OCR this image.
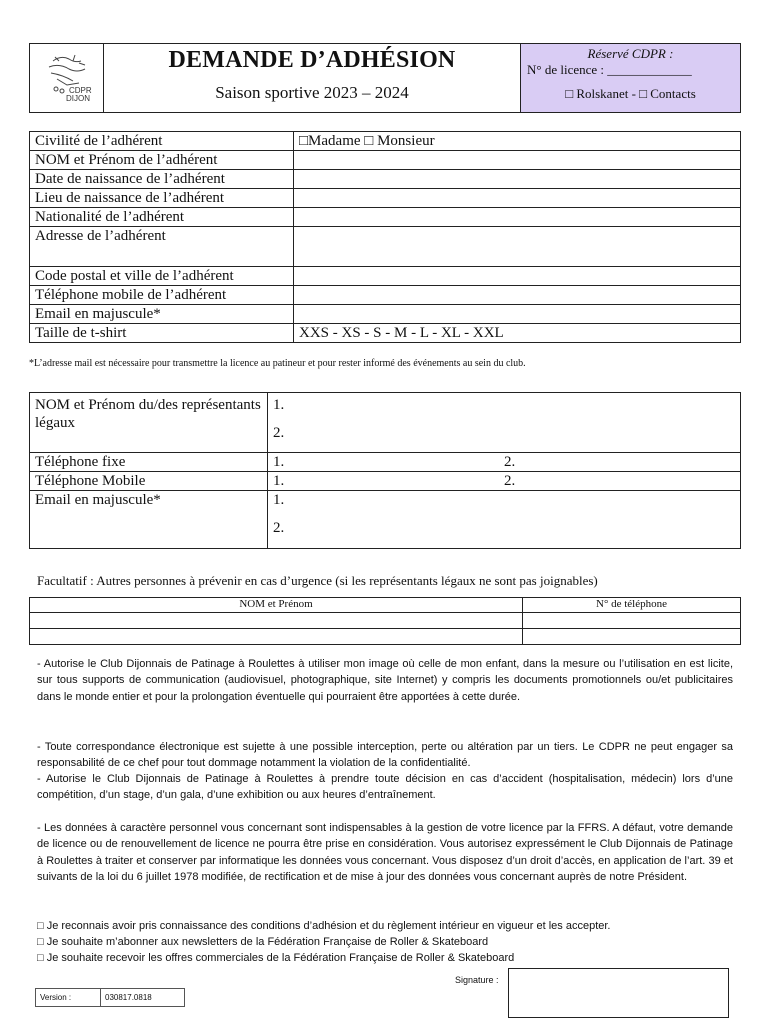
CDPR
DIJON
DEMANDE D’ADHÉSION
Saison sportive 2023 – 2024
Réservé CDPR :
N° de licence : _____________
□ Rolskanet - □ Contacts
Civilité de l’adhérent	□Madame □ Monsieur
NOM et Prénom de l’adhérent	
Date de naissance de l’adhérent	
Lieu de naissance de l’adhérent	
Nationalité de l’adhérent	
Adresse de l’adhérent	
Code postal et ville de l’adhérent	
Téléphone mobile de l’adhérent	
Email en majuscule*	
Taille de t-shirt	XXS - XS - S - M - L - XL - XXL
*L’adresse mail est nécessaire pour transmettre la licence au patineur et pour rester informé des événements au sein du club.
NOM et Prénom du/des représentants légaux	1.
2.

Téléphone fixe	1. 2.

Téléphone Mobile	1. 2.

Email en majuscule*	1.
2.
Facultatif : Autres personnes à prévenir en cas d’urgence (si les représentants légaux ne sont pas joignables)
NOM et Prénom	N° de téléphone

- Autorise le Club Dijonnais de Patinage à Roulettes à utiliser mon image où celle de mon enfant, dans la mesure ou l’utilisation en est licite, sur tous supports de communication (audiovisuel, photographique, site Internet) y compris les documents promotionnels ou/et publicitaires dans le monde entier et pour la prolongation éventuelle qui pourraient être apportées à cette durée.
- Toute correspondance électronique est sujette à une possible interception, perte ou altération par un tiers. Le CDPR ne peut engager sa responsabilité de ce chef pour tout dommage notamment la violation de la confidentialité.
- Autorise le Club Dijonnais de Patinage à Roulettes à prendre toute décision en cas d’accident (hospitalisation, médecin) lors d’une compétition, d’un stage, d’un gala, d’une exhibition ou aux heures d’entraînement.
- Les données à caractère personnel vous concernant sont indispensables à la gestion de votre licence par la FFRS. A défaut, votre demande de licence ou de renouvellement de licence ne pourra être prise en considération. Vous autorisez expressément le Club Dijonnais de Patinage à Roulettes à traiter et conserver par informatique les données vous concernant. Vous disposez d’un droit d’accès, en application de l’art. 39 et suivants de la loi du 6 juillet 1978 modifiée, de rectification et de mise à jour des données vous concernant auprès de notre Président.
□ Je reconnais avoir pris connaissance des conditions d’adhésion et du règlement intérieur en vigueur et les accepter.
□ Je souhaite m’abonner aux newsletters de la Fédération Française de Roller & Skateboard
□ Je souhaite recevoir les offres commerciales de la Fédération Française de Roller & Skateboard
Signature :
Version :	030817.0818
